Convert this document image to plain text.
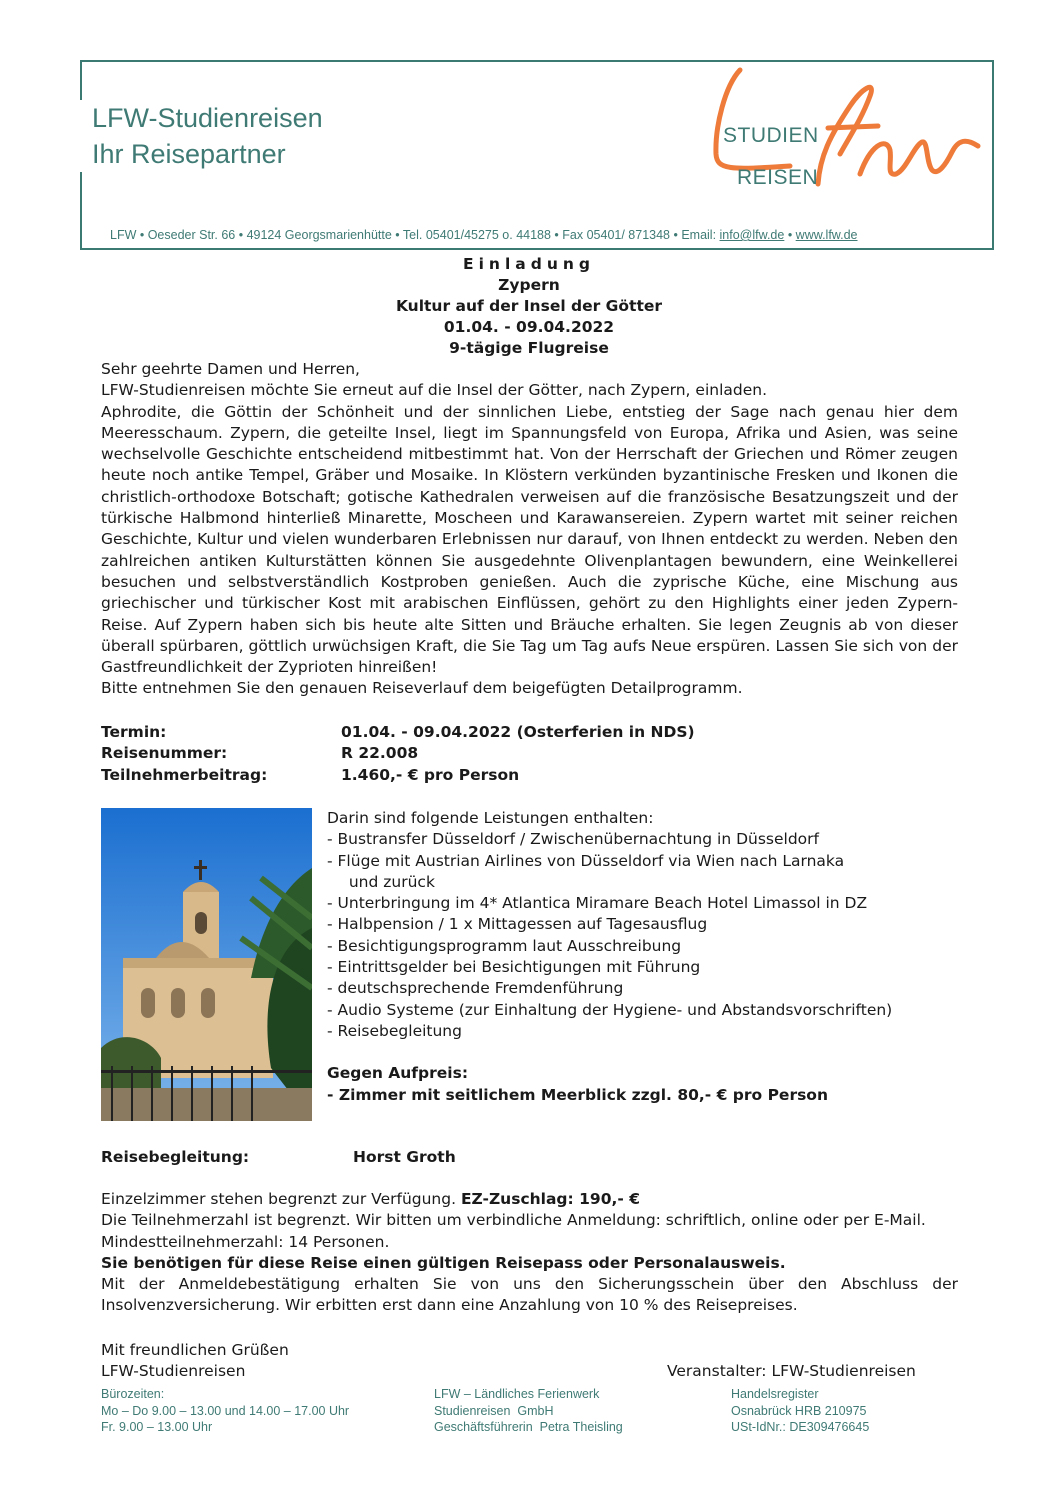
LFW-Studienreisen
Ihr Reisepartner
STUDIEN
REISEN
LFW • Oeseder Str. 66 • 49124 Georgsmarienhütte • Tel. 05401/45275 o. 44188 • Fax 05401/ 871348 • Email: info@lfw.de • www.lfw.de
Einladung
Zypern
Kultur auf der Insel der Götter
01.04. - 09.04.2022
9-tägige Flugreise

Sehr geehrte Damen und Herren,

LFW-Studienreisen möchte Sie erneut auf die Insel der Götter, nach Zypern, einladen.

Aphrodite, die Göttin der Schönheit und der sinnlichen Liebe, entstieg der Sage nach genau hier dem Meeresschaum. Zypern, die geteilte Insel, liegt im Spannungsfeld von Europa, Afrika und Asien, was seine wechselvolle Geschichte entscheidend mitbestimmt hat. Von der Herrschaft der Griechen und Römer zeugen heute noch antike Tempel, Gräber und Mosaike. In Klöstern verkünden byzantinische Fresken und Ikonen die christlich-orthodoxe Botschaft; gotische Kathedralen verweisen auf die französische Besatzungszeit und der türkische Halbmond hinterließ Minarette, Moscheen und Karawansereien. Zypern wartet mit seiner reichen Geschichte, Kultur und vielen wunderbaren Erlebnissen nur darauf, von Ihnen entdeckt zu werden. Neben den zahlreichen antiken Kulturstätten können Sie ausgedehnte Olivenplantagen bewundern, eine Weinkellerei besuchen und selbstverständlich Kostproben genießen. Auch die zyprische Küche, eine Mischung aus griechischer und türkischer Kost mit arabischen Einflüssen, gehört zu den Highlights einer jeden Zypern-Reise. Auf Zypern haben sich bis heute alte Sitten und Bräuche erhalten. Sie legen Zeugnis ab von dieser überall spürbaren, göttlich urwüchsigen Kraft, die Sie Tag um Tag aufs Neue erspüren. Lassen Sie sich von der Gastfreundlichkeit der Zyprioten hinreißen!

Bitte entnehmen Sie den genauen Reiseverlauf dem beigefügten Detailprogramm.

Termin:	01.04. - 09.04.2022 (Osterferien in NDS)
Reisenummer:	R 22.008
Teilnehmerbeitrag:	1.460,- € pro Person
Darin sind folgende Leistungen enthalten:
- Bustransfer Düsseldorf / Zwischenübernachtung in Düsseldorf
- Flüge mit Austrian Airlines von Düsseldorf via Wien nach Larnaka
und zurück
- Unterbringung im 4* Atlantica Miramare Beach Hotel Limassol in DZ
- Halbpension / 1 x Mittagessen auf Tagesausflug
- Besichtigungsprogramm laut Ausschreibung
- Eintrittsgelder bei Besichtigungen mit Führung
- deutschsprechende Fremdenführung
- Audio Systeme (zur Einhaltung der Hygiene- und Abstandsvorschriften)
- Reisebegleitung
Gegen Aufpreis:
- Zimmer mit seitlichem Meerblick zzgl. 80,- € pro Person
Reisebegleitung:	Horst Groth

Einzelzimmer stehen begrenzt zur Verfügung. EZ-Zuschlag: 190,- €

Die Teilnehmerzahl ist begrenzt. Wir bitten um verbindliche Anmeldung: schriftlich, online oder per E-Mail.

Mindestteilnehmerzahl: 14 Personen.

Sie benötigen für diese Reise einen gültigen Reisepass oder Personalausweis.

Mit der Anmeldebestätigung erhalten Sie von uns den Sicherungsschein über den Abschluss der Insolvenzversicherung. Wir erbitten erst dann eine Anzahlung von 10 % des Reisepreises.

Mit freundlichen Grüßen
LFW-Studienreisen	Veranstalter: LFW-Studienreisen
Bürozeiten:
Mo – Do 9.00 – 13.00 und 14.00 – 17.00 Uhr
Fr. 9.00 – 13.00 Uhr
LFW – Ländliches Ferienwerk
Studienreisen  GmbH
Geschäftsführerin  Petra Theisling
Handelsregister
Osnabrück HRB 210975
USt-IdNr.: DE309476645
